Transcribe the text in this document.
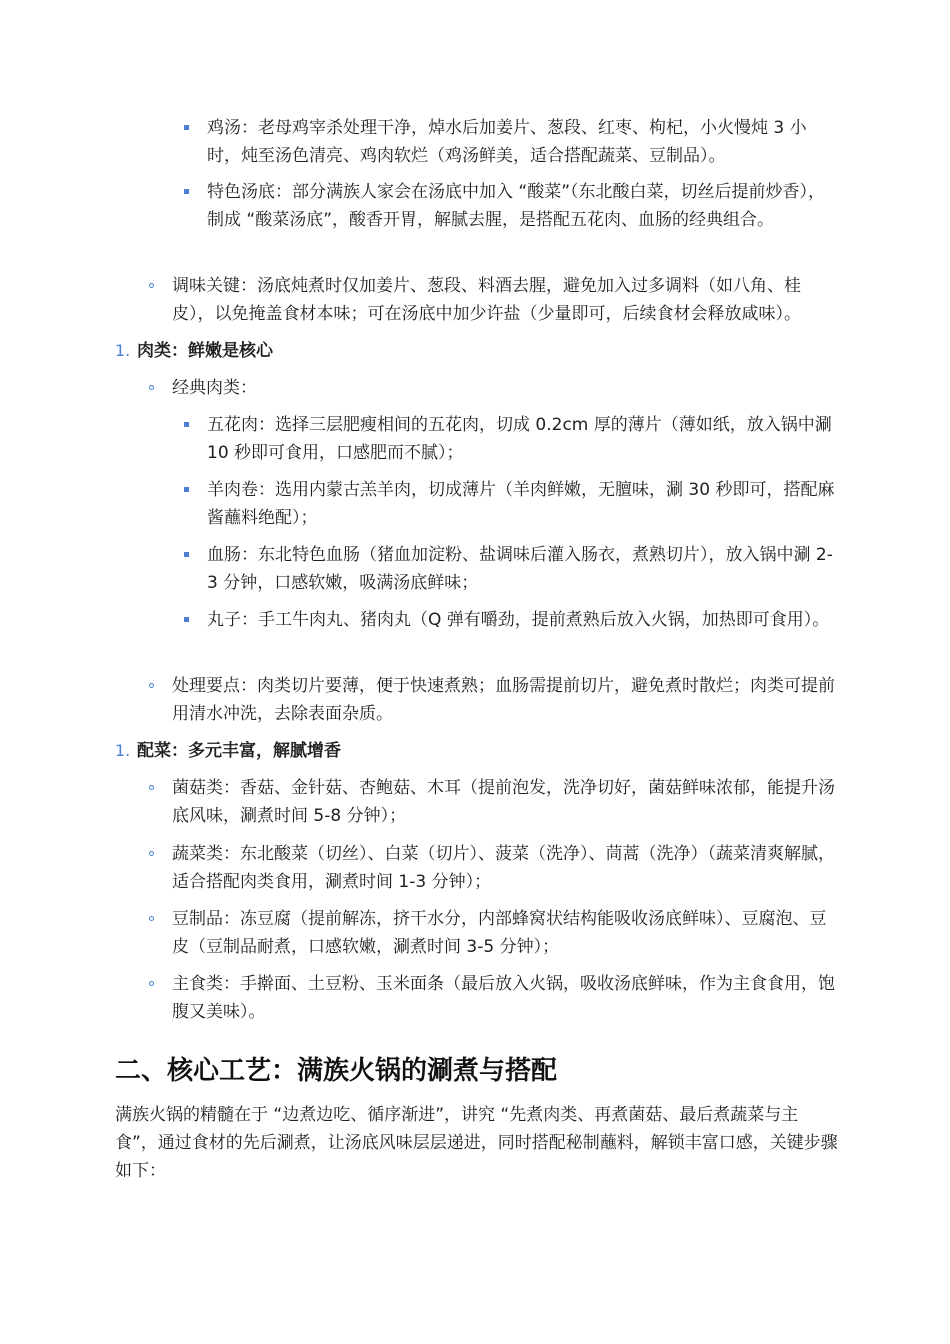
鸡汤：老母鸡宰杀处理干净，焯水后加姜片、葱段、红枣、枸杞，小火慢炖 3 小时，炖至汤色清亮、鸡肉软烂（鸡汤鲜美，适合搭配蔬菜、豆制品）。

特色汤底：部分满族人家会在汤底中加入 “酸菜”（东北酸白菜，切丝后提前炒香），制成 “酸菜汤底”，酸香开胃，解腻去腥，是搭配五花肉、血肠的经典组合。

调味关键：汤底炖煮时仅加姜片、葱段、料酒去腥，避免加入过多调料（如八角、桂皮），以免掩盖食材本味；可在汤底中加少许盐（少量即可，后续食材会释放咸味）。

1. 肉类：鲜嫩是核心

经典肉类：

五花肉：选择三层肥瘦相间的五花肉，切成 0.2cm 厚的薄片（薄如纸，放入锅中涮 10 秒即可食用，口感肥而不腻）；

羊肉卷：选用内蒙古羔羊肉，切成薄片（羊肉鲜嫩，无膻味，涮 30 秒即可，搭配麻酱蘸料绝配）；

血肠：东北特色血肠（猪血加淀粉、盐调味后灌入肠衣，煮熟切片），放入锅中涮 2-3 分钟，口感软嫩，吸满汤底鲜味；

丸子：手工牛肉丸、猪肉丸（Q 弹有嚼劲，提前煮熟后放入火锅，加热即可食用）。

处理要点：肉类切片要薄，便于快速煮熟；血肠需提前切片，避免煮时散烂；肉类可提前用清水冲洗，去除表面杂质。

1. 配菜：多元丰富，解腻增香

菌菇类：香菇、金针菇、杏鲍菇、木耳（提前泡发，洗净切好，菌菇鲜味浓郁，能提升汤底风味，涮煮时间 5-8 分钟）；

蔬菜类：东北酸菜（切丝）、白菜（切片）、菠菜（洗净）、茼蒿（洗净）（蔬菜清爽解腻，适合搭配肉类食用，涮煮时间 1-3 分钟）；

豆制品：冻豆腐（提前解冻，挤干水分，内部蜂窝状结构能吸收汤底鲜味）、豆腐泡、豆皮（豆制品耐煮，口感软嫩，涮煮时间 3-5 分钟）；

主食类：手擀面、土豆粉、玉米面条（最后放入火锅，吸收汤底鲜味，作为主食食用，饱腹又美味）。

二、核心工艺：满族火锅的涮煮与搭配

满族火锅的精髓在于 “边煮边吃、循序渐进”，讲究 “先煮肉类、再煮菌菇、最后煮蔬菜与主食”，通过食材的先后涮煮，让汤底风味层层递进，同时搭配秘制蘸料，解锁丰富口感，关键步骤如下：
